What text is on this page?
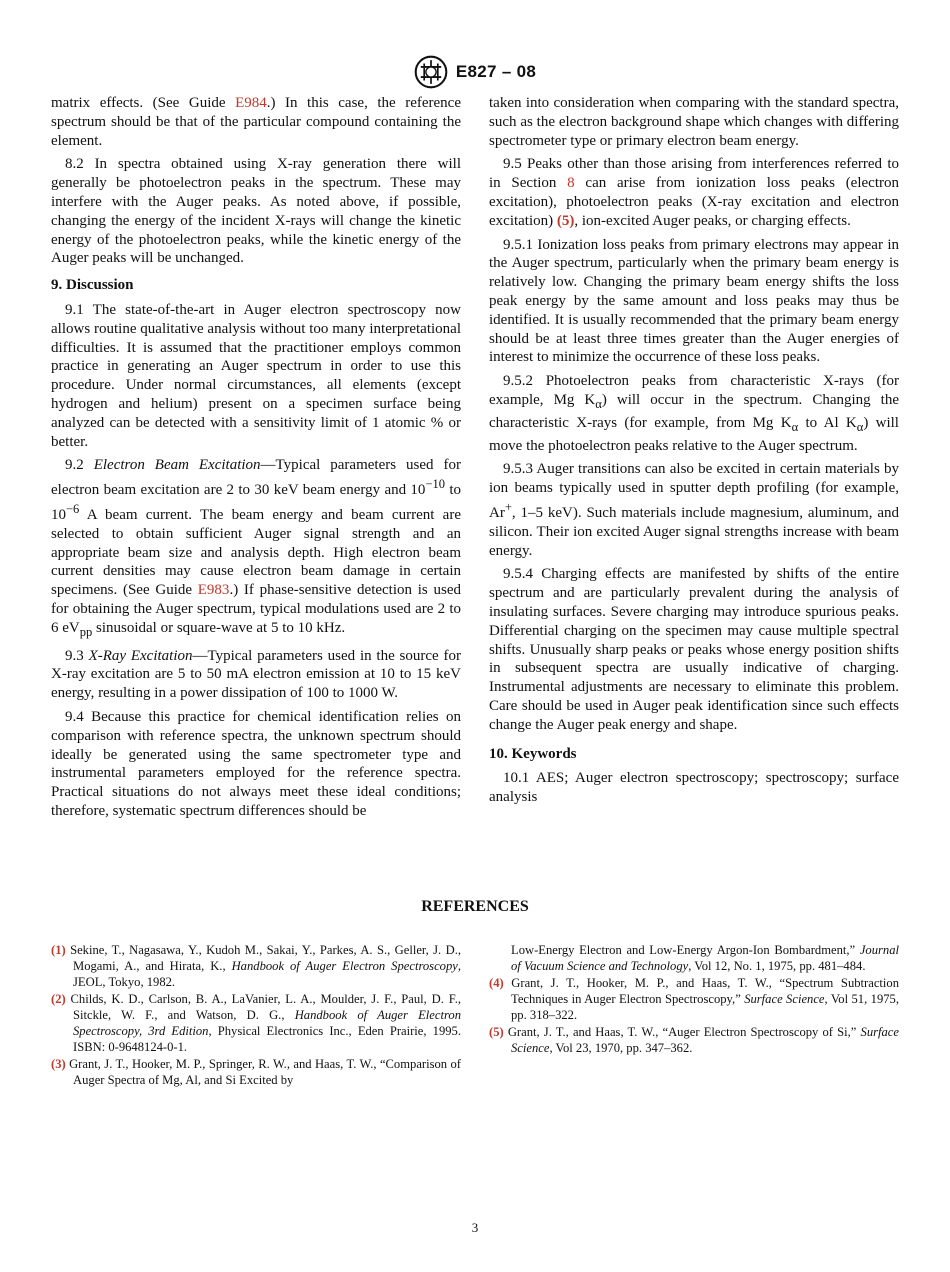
E827 – 08

matrix effects. (See Guide E984.) In this case, the reference spectrum should be that of the particular compound containing the element.

8.2 In spectra obtained using X-ray generation there will generally be photoelectron peaks in the spectrum. These may interfere with the Auger peaks. As noted above, if possible, changing the energy of the incident X-rays will change the kinetic energy of the photoelectron peaks, while the kinetic energy of the Auger peaks will be unchanged.

9. Discussion

9.1 The state-of-the-art in Auger electron spectroscopy now allows routine qualitative analysis without too many interpretational difficulties. It is assumed that the practitioner employs common practice in generating an Auger spectrum in order to use this procedure. Under normal circumstances, all elements (except hydrogen and helium) present on a specimen surface being analyzed can be detected with a sensitivity limit of 1 atomic % or better.

9.2 Electron Beam Excitation—Typical parameters used for electron beam excitation are 2 to 30 keV beam energy and $10^{-10}$ to $10^{-6}$ A beam current. The beam energy and beam current are selected to obtain sufficient Auger signal strength and an appropriate beam size and analysis depth. High electron beam current densities may cause electron beam damage in certain specimens. (See Guide E983.) If phase-sensitive detection is used for obtaining the Auger spectrum, typical modulations used are 2 to 6 $eV_{pp}$ sinusoidal or square-wave at 5 to 10 kHz.

9.3 X-Ray Excitation—Typical parameters used in the source for X-ray excitation are 5 to 50 mA electron emission at 10 to 15 keV energy, resulting in a power dissipation of 100 to 1000 W.

9.4 Because this practice for chemical identification relies on comparison with reference spectra, the unknown spectrum should ideally be generated using the same spectrometer type and instrumental parameters employed for the reference spectra. Practical situations do not always meet these ideal conditions; therefore, systematic spectrum differences should be

taken into consideration when comparing with the standard spectra, such as the electron background shape which changes with differing spectrometer type or primary electron beam energy.

9.5 Peaks other than those arising from interferences referred to in Section 8 can arise from ionization loss peaks (electron excitation), photoelectron peaks (X-ray excitation and electron excitation) (5), ion-excited Auger peaks, or charging effects.

9.5.1 Ionization loss peaks from primary electrons may appear in the Auger spectrum, particularly when the primary beam energy is relatively low. Changing the primary beam energy shifts the loss peak energy by the same amount and loss peaks may thus be identified. It is usually recommended that the primary beam energy should be at least three times greater than the Auger energies of interest to minimize the occurrence of these loss peaks.

9.5.2 Photoelectron peaks from characteristic X-rays (for example, Mg $K_\alpha$) will occur in the spectrum. Changing the characteristic X-rays (for example, from Mg $K_\alpha$ to Al $K_\alpha$) will move the photoelectron peaks relative to the Auger spectrum.

9.5.3 Auger transitions can also be excited in certain materials by ion beams typically used in sputter depth profiling (for example, Ar+, 1–5 keV). Such materials include magnesium, aluminum, and silicon. Their ion excited Auger signal strengths increase with beam energy.

9.5.4 Charging effects are manifested by shifts of the entire spectrum and are particularly prevalent during the analysis of insulating surfaces. Severe charging may introduce spurious peaks. Differential charging on the specimen may cause multiple spectral shifts. Unusually sharp peaks or peaks whose energy position shifts in subsequent spectra are usually indicative of charging. Instrumental adjustments are necessary to eliminate this problem. Care should be used in Auger peak identification since such effects change the Auger peak energy and shape.

10. Keywords

10.1 AES; Auger electron spectroscopy; spectroscopy; surface analysis

REFERENCES
(1) Sekine, T., Nagasawa, Y., Kudoh M., Sakai, Y., Parkes, A. S., Geller, J. D., Mogami, A., and Hirata, K., Handbook of Auger Electron Spectroscopy, JEOL, Tokyo, 1982.
(2) Childs, K. D., Carlson, B. A., LaVanier, L. A., Moulder, J. F., Paul, D. F., Sitckle, W. F., and Watson, D. G., Handbook of Auger Electron Spectroscopy, 3rd Edition, Physical Electronics Inc., Eden Prairie, 1995. ISBN: 0-9648124-0-1.
(3) Grant, J. T., Hooker, M. P., Springer, R. W., and Haas, T. W., “Comparison of Auger Spectra of Mg, Al, and Si Excited by
Low-Energy Electron and Low-Energy Argon-Ion Bombardment,” Journal of Vacuum Science and Technology, Vol 12, No. 1, 1975, pp. 481–484.
(4) Grant, J. T., Hooker, M. P., and Haas, T. W., “Spectrum Subtraction Techniques in Auger Electron Spectroscopy,” Surface Science, Vol 51, 1975, pp. 318–322.
(5) Grant, J. T., and Haas, T. W., “Auger Electron Spectroscopy of Si,” Surface Science, Vol 23, 1970, pp. 347–362.
3
